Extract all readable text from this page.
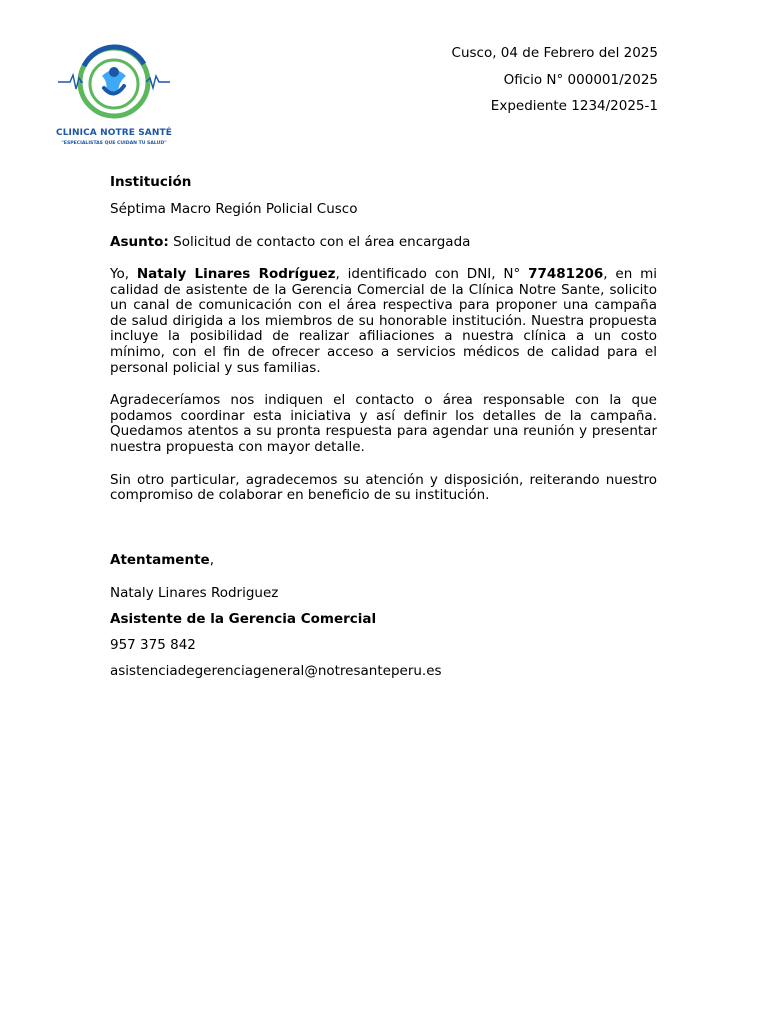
CLINICA NOTRE SANTÉ
"ESPECIALISTAS QUE CUIDAN TU SALUD"
Cusco, 04 de Febrero del 2025
Oficio N° 000001/2025
Expediente 1234/2025-1
Institución
Séptima Macro Región Policial Cusco
Asunto: Solicitud de contacto con el área encargada
Yo, Nataly Linares Rodríguez, identificado con DNI, N° 77481206, en mi calidad de asistente de la Gerencia Comercial de la Clínica Notre Sante, solicito un canal de comunicación con el área respectiva para proponer una campaña de salud dirigida a los miembros de su honorable institución. Nuestra propuesta incluye la posibilidad de realizar afiliaciones a nuestra clínica a un costo mínimo, con el fin de ofrecer acceso a servicios médicos de calidad para el personal policial y sus familias.
Agradeceríamos nos indiquen el contacto o área responsable con la que podamos coordinar esta iniciativa y así definir los detalles de la campaña. Quedamos atentos a su pronta respuesta para agendar una reunión y presentar nuestra propuesta con mayor detalle.
Sin otro particular, agradecemos su atención y disposición, reiterando nuestro compromiso de colaborar en beneficio de su institución.
Atentamente,
Nataly Linares Rodriguez
Asistente de la Gerencia Comercial
957 375 842
asistenciadegerenciageneral@notresanteperu.es
